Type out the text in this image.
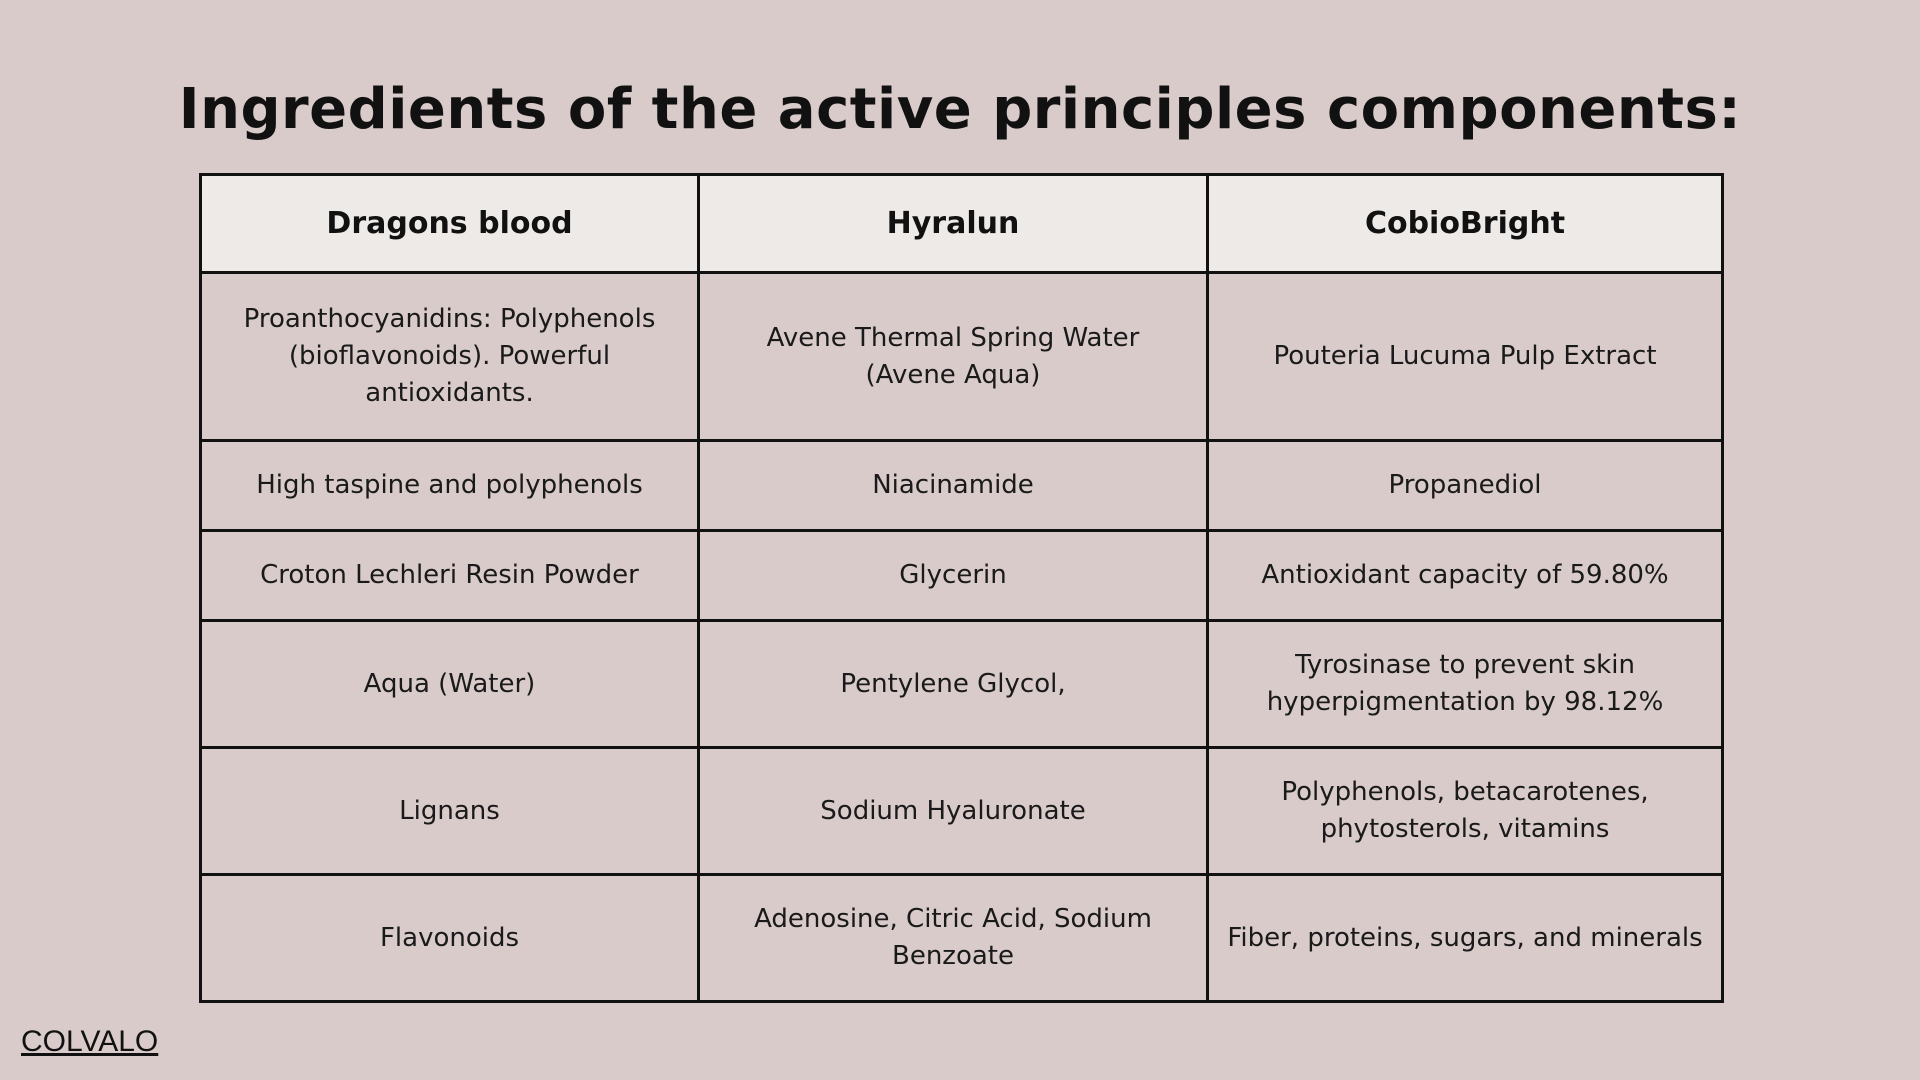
Ingredients of the active principles components:
Dragons blood	Hyralun	CobioBright
Proanthocyanidins: Polyphenols (bioflavonoids). Powerful antioxidants.	Avene Thermal Spring Water (Avene Aqua)	Pouteria Lucuma Pulp Extract
High taspine and polyphenols	Niacinamide	Propanediol
Croton Lechleri Resin Powder	Glycerin	Antioxidant capacity of 59.80%
Aqua (Water)	Pentylene Glycol,	Tyrosinase to prevent skin hyperpigmentation by 98.12%
Lignans	Sodium Hyaluronate	Polyphenols, betacarotenes, phytosterols, vitamins
Flavonoids	Adenosine, Citric Acid, Sodium Benzoate	Fiber, proteins, sugars, and minerals
COLVALO
